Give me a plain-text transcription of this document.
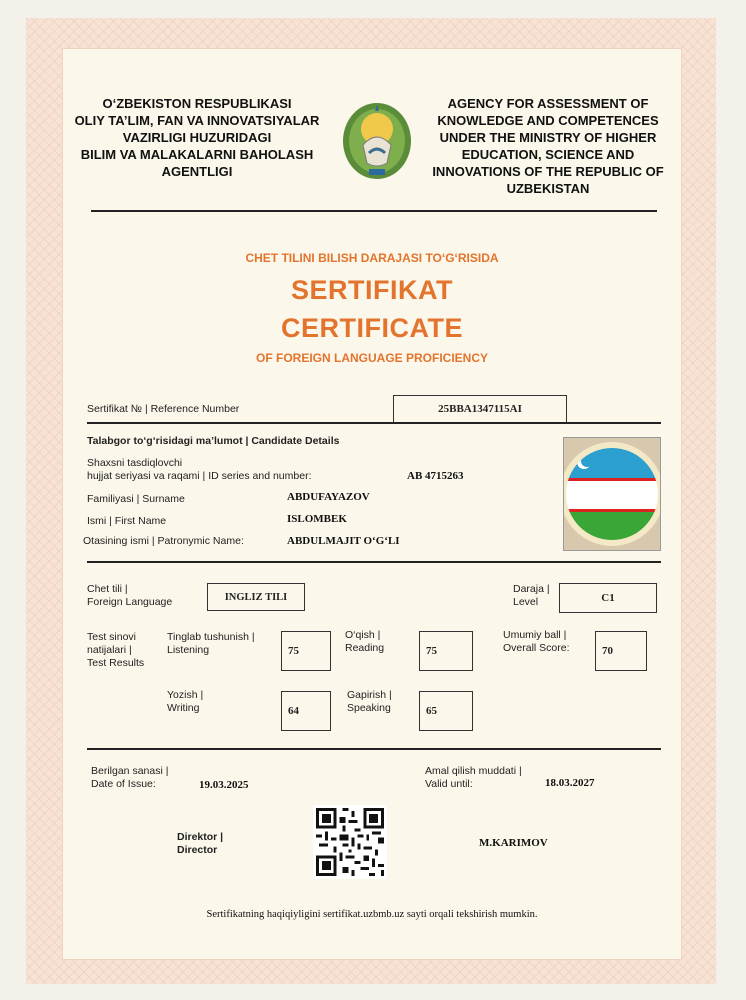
O‘ZBEKISTON RESPUBLIKASI
OLIY TA’LIM, FAN VA INNOVATSIYALAR
VAZIRLIGI HUZURIDAGI
BILIM VA MALAKALARNI BAHOLASH
AGENTLIGI
AGENCY FOR ASSESSMENT OF
KNOWLEDGE AND COMPETENCES
UNDER THE MINISTRY OF HIGHER
EDUCATION, SCIENCE AND
INNOVATIONS OF THE REPUBLIC OF
UZBEKISTAN
CHET TILINI BILISH DARAJASI TO‘G‘RISIDA
SERTIFIKAT
CERTIFICATE
OF FOREIGN LANGUAGE PROFICIENCY
Sertifikat № | Reference Number	25BBA1347115AI
Talabgor to‘g‘risidagi ma’lumot | Candidate Details
Shaxsni tasdiqlovchi
hujjat seriyasi va raqami | ID series and number:	AB 4715263
Familiyasi | Surname	ABDUFAYAZOV
Ismi | First Name	ISLOMBEK
Otasining ismi | Patronymic Name:	ABDULMAJIT O‘G‘LI
Chet tili |
Foreign Language	INGLIZ TILI
Daraja |
Level	C1
Test sinovi
natijalari |
Test Results
Tinglab tushunish |
Listening	75
O‘qish |
Reading	75
Umumiy ball |
Overall Score:	70
Yozish |
Writing	64
Gapirish |
Speaking	65
Berilgan sanasi |
Date of Issue:	19.03.2025
Amal qilish muddati |
Valid until:	18.03.2027
Direktor |
Director
M.KARIMOV
Sertifikatning haqiqiyligini sertifikat.uzbmb.uz sayti orqali tekshirish mumkin.
